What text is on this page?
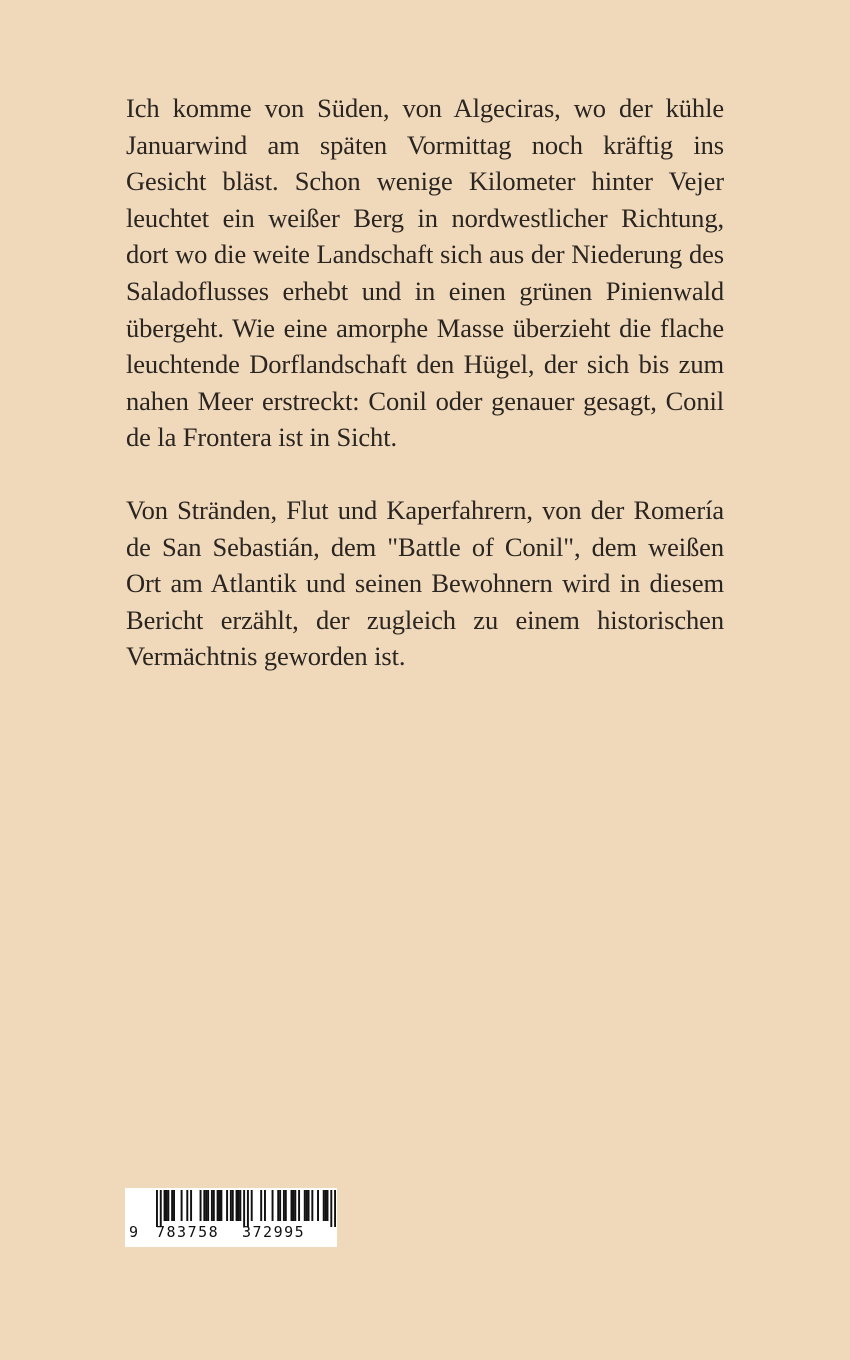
Ich komme von Süden, von Algeciras, wo der kühle Januarwind am späten Vormittag noch kräftig ins Gesicht bläst. Schon wenige Kilometer hinter Vejer leuchtet ein weißer Berg in nordwestlicher Richtung, dort wo die weite Landschaft sich aus der Niederung des Saladoflusses erhebt und in einen grünen Pinienwald übergeht. Wie eine amorphe Masse überzieht die flache leuchtende Dorflandschaft den Hügel, der sich bis zum nahen Meer erstreckt: Conil oder genauer gesagt, Conil de la Frontera ist in Sicht.

Von Stränden, Flut und Kaperfahrern, von der Romería de San Sebastián, dem "Battle of Conil", dem weißen Ort am Atlantik und seinen Bewohnern wird in diesem Bericht erzählt, der zugleich zu einem historischen Vermächtnis geworden ist.

9 783758 372995
